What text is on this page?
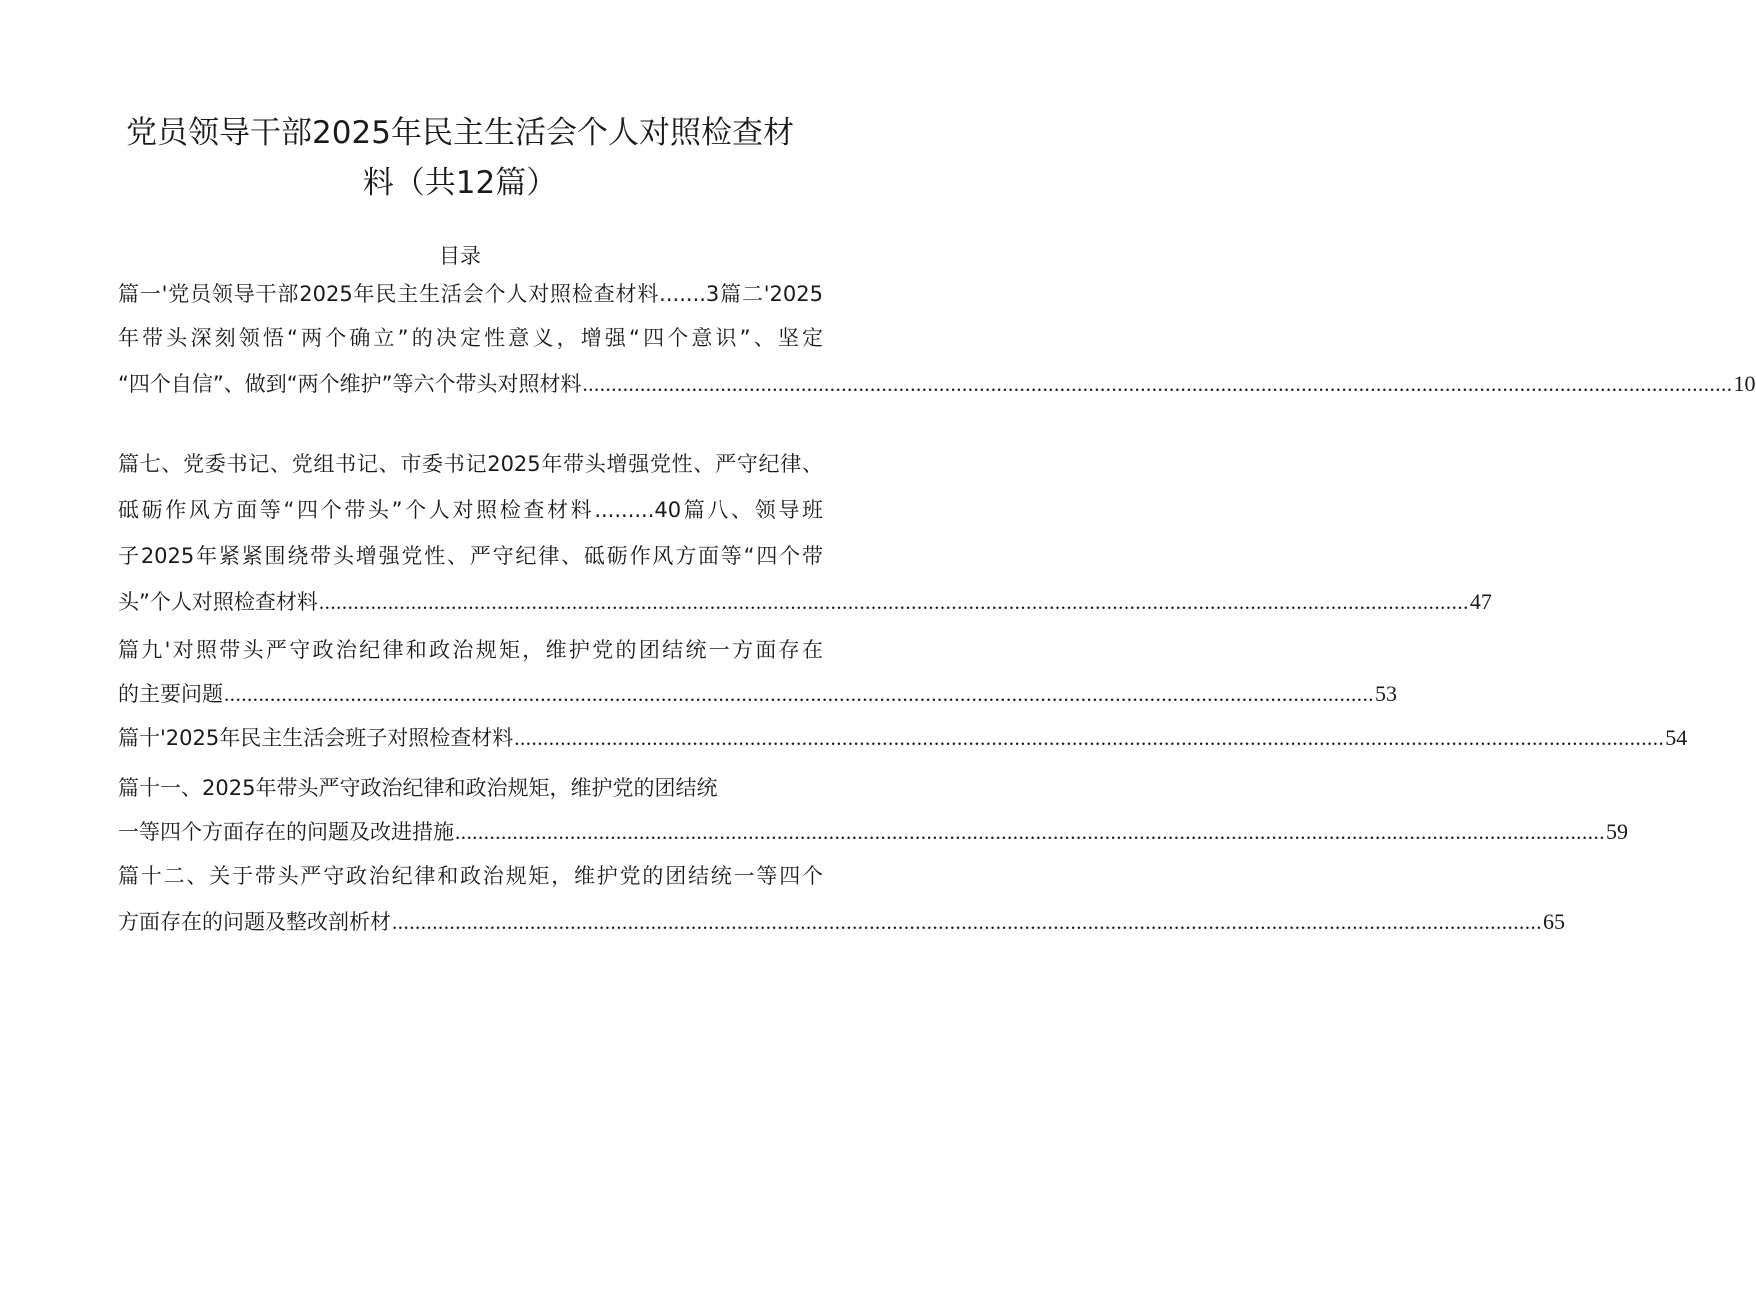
党员领导干部2025年民主生活会个人对照检查材
料（共12篇）
目录
篇一'党员领导干部2025年民主生活会个人对照检查材料.......3篇二'2025
年带头深刻领悟“两个确立”的决定性意义，增强“四个意识”、坚定
“四个自信”、做到“两个维护”等六个带头对照材料 ........................................................................................................................................................................................................ 10
篇七、党委书记、党组书记、市委书记2025年带头增强党性、严守纪律、
砥砺作风方面等“四个带头”个人对照检查材料.........40篇八、领导班
子2025年紧紧围绕带头增强党性、严守纪律、砥砺作风方面等“四个带
头”个人对照检查材料 ........................................................................................................................................................................................................ 47
篇九'对照带头严守政治纪律和政治规矩，维护党的团结统一方面存在
的主要问题 ........................................................................................................................................................................................................ 53
篇十'2025年民主生活会班子对照检查材料 ........................................................................................................................................................................................................ 54
篇十一、2025年带头严守政治纪律和政治规矩，维护党的团结统
一等四个方面存在的问题及改进措施 ........................................................................................................................................................................................................ 59
篇十二、关于带头严守政治纪律和政治规矩，维护党的团结统一等四个
方面存在的问题及整改剖析材 ........................................................................................................................................................................................................ 65
